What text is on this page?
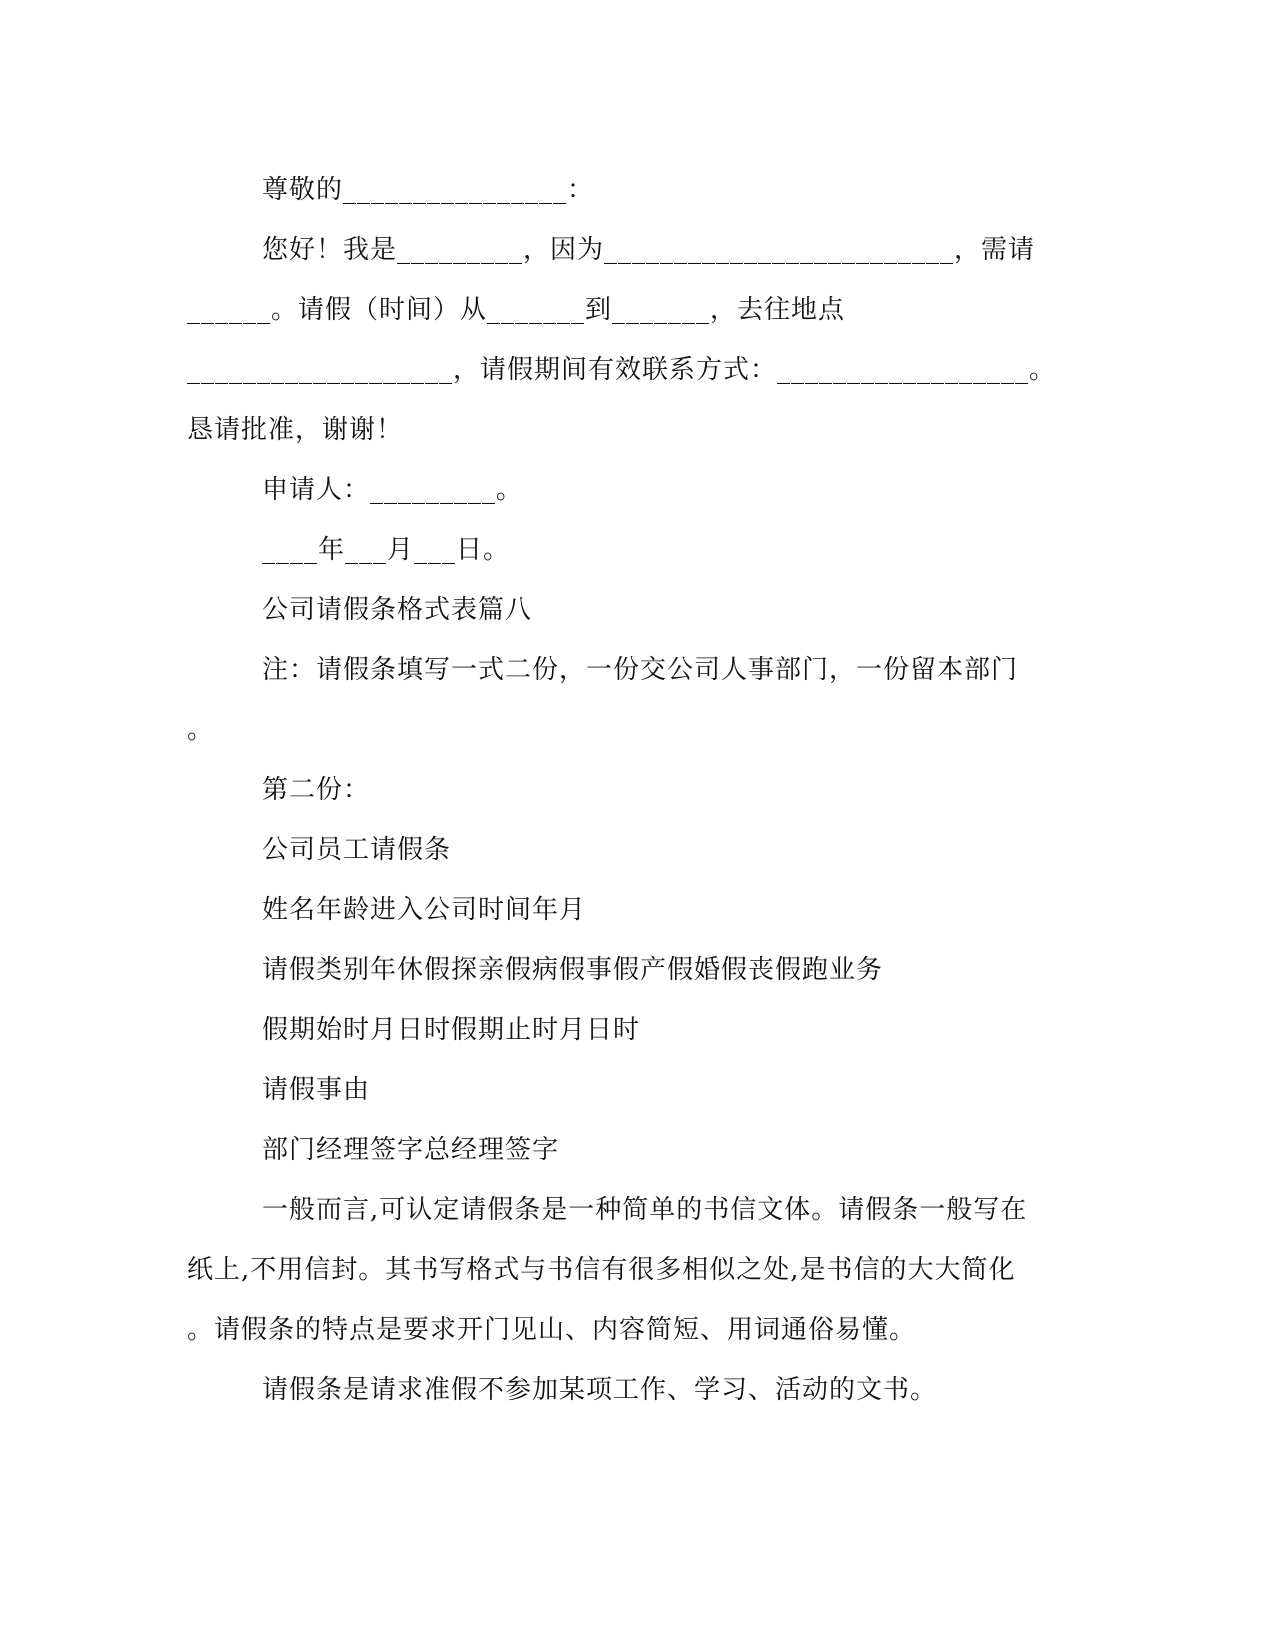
尊敬的________________：
您好！我是_________，因为_________________________，需请
______。请假（时间）从_______到_______，去往地点
___________________，请假期间有效联系方式：__________________。
恳请批准，谢谢！
申请人：_________。
____年___月___日。
公司请假条格式表篇八
注：请假条填写一式二份，一份交公司人事部门，一份留本部门
。
第二份：
公司员工请假条
姓名年龄进入公司时间年月
请假类别年休假探亲假病假事假产假婚假丧假跑业务
假期始时月日时假期止时月日时
请假事由
部门经理签字总经理签字
一般而言,可认定请假条是一种简单的书信文体。请假条一般写在
纸上,不用信封。其书写格式与书信有很多相似之处,是书信的大大简化
。请假条的特点是要求开门见山、内容简短、用词通俗易懂。
请假条是请求准假不参加某项工作、学习、活动的文书。
